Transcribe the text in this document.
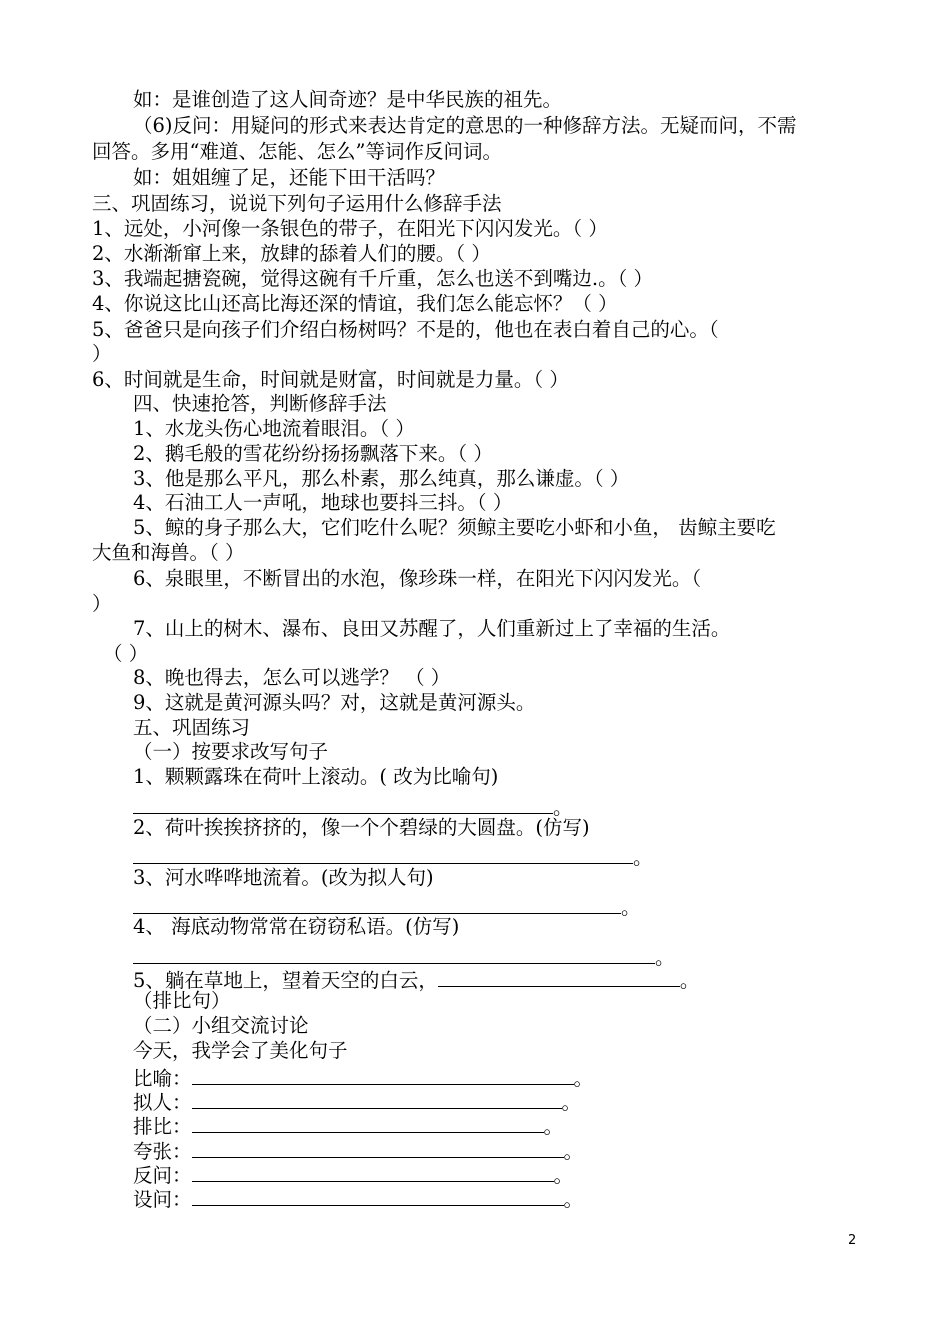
如：是谁创造了这人间奇迹？是中华民族的祖先。
（6)反问：用疑问的形式来表达肯定的意思的一种修辞方法。无疑而问，不需
回答。多用“难道、怎能、怎么”等词作反问词。
如：姐姐缠了足，还能下田干活吗？
三、巩固练习，说说下列句子运用什么修辞手法
1、远处，小河像一条银色的带子，在阳光下闪闪发光。（ ）
2、水渐渐窜上来，放肆的舔着人们的腰。（ ）
3、我端起搪瓷碗，觉得这碗有千斤重，怎么也送不到嘴边.。（ ）
4、你说这比山还高比海还深的情谊，我们怎么能忘怀？（ ）
5、爸爸只是向孩子们介绍白杨树吗？不是的，他也在表白着自己的心。（
）
6、时间就是生命，时间就是财富，时间就是力量。（ ）
四、快速抢答，判断修辞手法
1、水龙头伤心地流着眼泪。（ ）
2、鹅毛般的雪花纷纷扬扬飘落下来。（ ）
3、他是那么平凡，那么朴素，那么纯真，那么谦虚。（ ）
4、石油工人一声吼，地球也要抖三抖。（ ）
5、鲸的身子那么大，它们吃什么呢？须鲸主要吃小虾和小鱼， 齿鲸主要吃
大鱼和海兽。（ ）
6、泉眼里，不断冒出的水泡，像珍珠一样，在阳光下闪闪发光。（
）
7、山上的树木、瀑布、良田又苏醒了，人们重新过上了幸福的生活。
（ ）
8、晚也得去，怎么可以逃学？ （ ）
9、这就是黄河源头吗？对，这就是黄河源头。
五、巩固练习
（一）按要求改写句子
1、颗颗露珠在荷叶上滚动。( 改为比喻句)
。
2、荷叶挨挨挤挤的，像一个个碧绿的大圆盘。(仿写)
。
3、河水哗哗地流着。(改为拟人句)
。
4、 海底动物常常在窃窃私语。(仿写)
。
5、躺在草地上，望着天空的白云，	。
（排比句）
（二）小组交流讨论
今天，我学会了美化句子
比喻：	。
拟人：	。
排比：	。
夸张：	。
反问：	。
设问：	。
2
